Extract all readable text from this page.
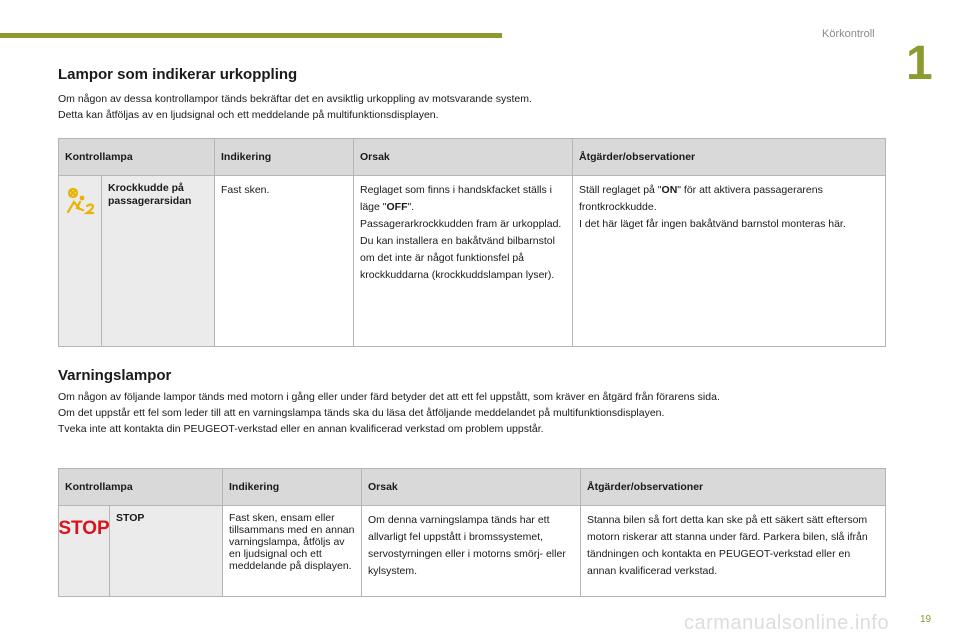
Körkontroll
1
Lampor som indikerar urkoppling

Om någon av dessa kontrollampor tänds bekräftar det en avsiktlig urkoppling av motsvarande system.

Detta kan åtföljas av en ljudsignal och ett meddelande på multifunktionsdisplayen.

Kontrollampa		Indikering	Orsak	Åtgärder/observationer

	Krockkudde på passagerarsidan	Fast sken.	Reglaget som finns i handskfacket ställs i läge "OFF".
Passagerarkrockkudden fram är urkopplad.
Du kan installera en bakåtvänd bilbarnstol om det inte är något funktionsfel på krockkuddarna (krockkuddslampan lyser).	Ställ reglaget på "ON" för att aktivera passagerarens frontkrockkudde.
I det här läget får ingen bakåtvänd barnstol monteras här.
Varningslampor

Om någon av följande lampor tänds med motorn i gång eller under färd betyder det att ett fel uppstått, som kräver en åtgärd från förarens sida.

Om det uppstår ett fel som leder till att en varningslampa tänds ska du läsa det åtföljande meddelandet på multifunktionsdisplayen.

Tveka inte att kontakta din PEUGEOT-verkstad eller en annan kvalificerad verkstad om problem uppstår.

Kontrollampa		Indikering	Orsak	Åtgärder/observationer

STOP	STOP	Fast sken, ensam eller tillsammans med en annan varningslampa, åtföljs av en ljudsignal och ett meddelande på displayen.	Om denna varningslampa tänds har ett allvarligt fel uppstått i bromssystemet, servostyrningen eller i motorns smörj- eller kylsystem.	Stanna bilen så fort detta kan ske på ett säkert sätt eftersom motorn riskerar att stanna under färd. Parkera bilen, slå ifrån tändningen och kontakta en PEUGEOT-verkstad eller en annan kvalificerad verkstad.
carmanualsonline.info	19
